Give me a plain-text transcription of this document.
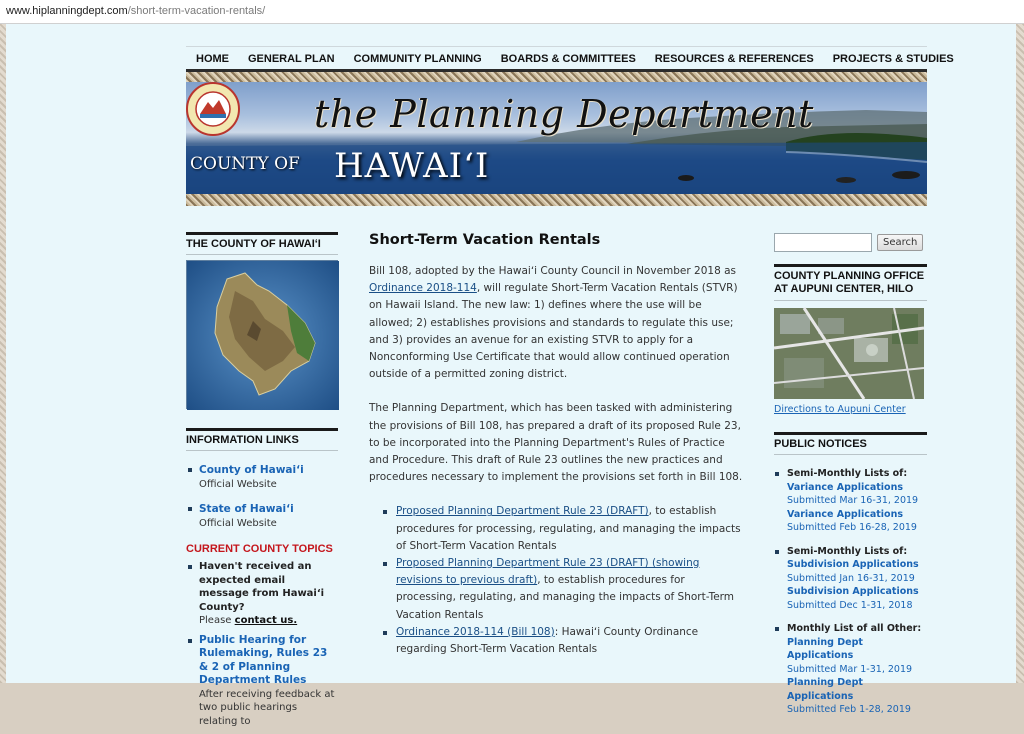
www.hiplanningdept.com/short-term-vacation-rentals/
HOME GENERAL PLAN COMMUNITY PLANNING BOARDS & COMMITTEES RESOURCES & REFERENCES PROJECTS & STUDIES
the Planning Department
COUNTY OF HAWAIʻI
THE COUNTY OF HAWAIʻI
INFORMATION LINKS
County of Hawaiʻi
Official Website
State of Hawaiʻi
Official Website
CURRENT COUNTY TOPICS
Haven't received an expected email message from Hawaiʻi County?
Please contact us.
Public Hearing for Rulemaking, Rules 23 & 2 of Planning Department Rules
After receiving feedback at two public hearings relating to
Short-Term Vacation Rentals

Bill 108, adopted by the Hawaiʻi County Council in November 2018 as Ordinance 2018-114, will regulate Short-Term Vacation Rentals (STVR) on Hawaii Island. The new law: 1) defines where the use will be allowed; 2) establishes provisions and standards to regulate this use; and 3) provides an avenue for an existing STVR to apply for a Nonconforming Use Certificate that would allow continued operation outside of a permitted zoning district.

The Planning Department, which has been tasked with administering the provisions of Bill 108, has prepared a draft of its proposed Rule 23, to be incorporated into the Planning Department's Rules of Practice and Procedure. This draft of Rule 23 outlines the new practices and procedures necessary to implement the provisions set forth in Bill 108.

Proposed Planning Department Rule 23 (DRAFT), to establish procedures for processing, regulating, and managing the impacts of Short-Term Vacation Rentals
Proposed Planning Department Rule 23 (DRAFT) (showing revisions to previous draft), to establish procedures for processing, regulating, and managing the impacts of Short-Term Vacation Rentals
Ordinance 2018-114 (Bill 108): Hawaiʻi County Ordinance regarding Short-Term Vacation Rentals
Search
COUNTY PLANNING OFFICE AT AUPUNI CENTER, HILO
Directions to Aupuni Center
PUBLIC NOTICES
Semi-Monthly Lists of:
Variance Applications
Submitted Mar 16-31, 2019
Variance Applications
Submitted Feb 16-28, 2019
Semi-Monthly Lists of:
Subdivision Applications
Submitted Jan 16-31, 2019
Subdivision Applications
Submitted Dec 1-31, 2018
Monthly List of all Other:
Planning Dept Applications
Submitted Mar 1-31, 2019
Planning Dept Applications
Submitted Feb 1-28, 2019
